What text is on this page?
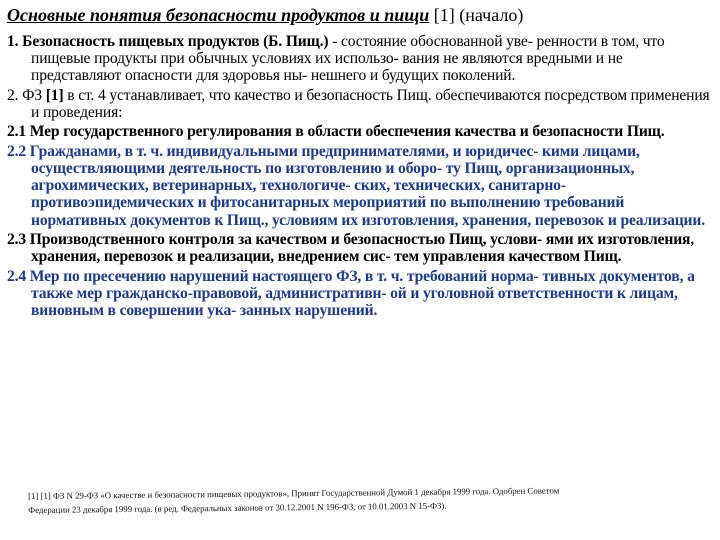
Основные понятия безопасности продуктов и пищи [1] (начало)
1. Безопасность пищевых продуктов (Б. Пищ.) - состояние обоснованной уве- ренности в том, что пищевые продукты при обычных условиях их использо- вания не являются вредными и не представляют опасности для здоровья ны- нешнего и будущих поколений.
2. ФЗ [1] в ст. 4 устанавливает, что качество и безопасность Пищ. обеспечиваются посредством применения и проведения:
2.1 Мер государственного регулирования в области обеспечения качества и безопасности Пищ.
2.2 Гражданами, в т. ч. индивидуальными предпринимателями, и юридичес- кими лицами, осуществляющими деятельность по изготовлению и оборо- ту Пищ, организационных, агрохимических, ветеринарных, технологиче- ских, технических, санитарно-противоэпидемических и фитосанитарных мероприятий по выполнению требований нормативных документов к Пищ., условиям их изготовления, хранения, перевозок и реализации.
2.3 Производственного контроля за качеством и безопасностью Пищ, услови- ями их изготовления, хранения, перевозок и реализации, внедрением сис- тем управления качеством Пищ.
2.4 Мер по пресечению нарушений настоящего ФЗ, в т. ч. требований норма- тивных документов, а также мер гражданско-правовой, административн- ой и уголовной ответственности к лицам, виновным в совершении ука- занных нарушений.
[1] [1] ФЗ N 29-ФЗ «О качестве и безопасности пищевых продуктов», Принят Государственной Думой 1 декабря 1999 года. Одобрен Советом
Федерации 23 декабря 1999 года. (в ред. Федеральных законов от 30.12.2001 N 196-ФЗ, от 10.01.2003 N 15-ФЗ).
